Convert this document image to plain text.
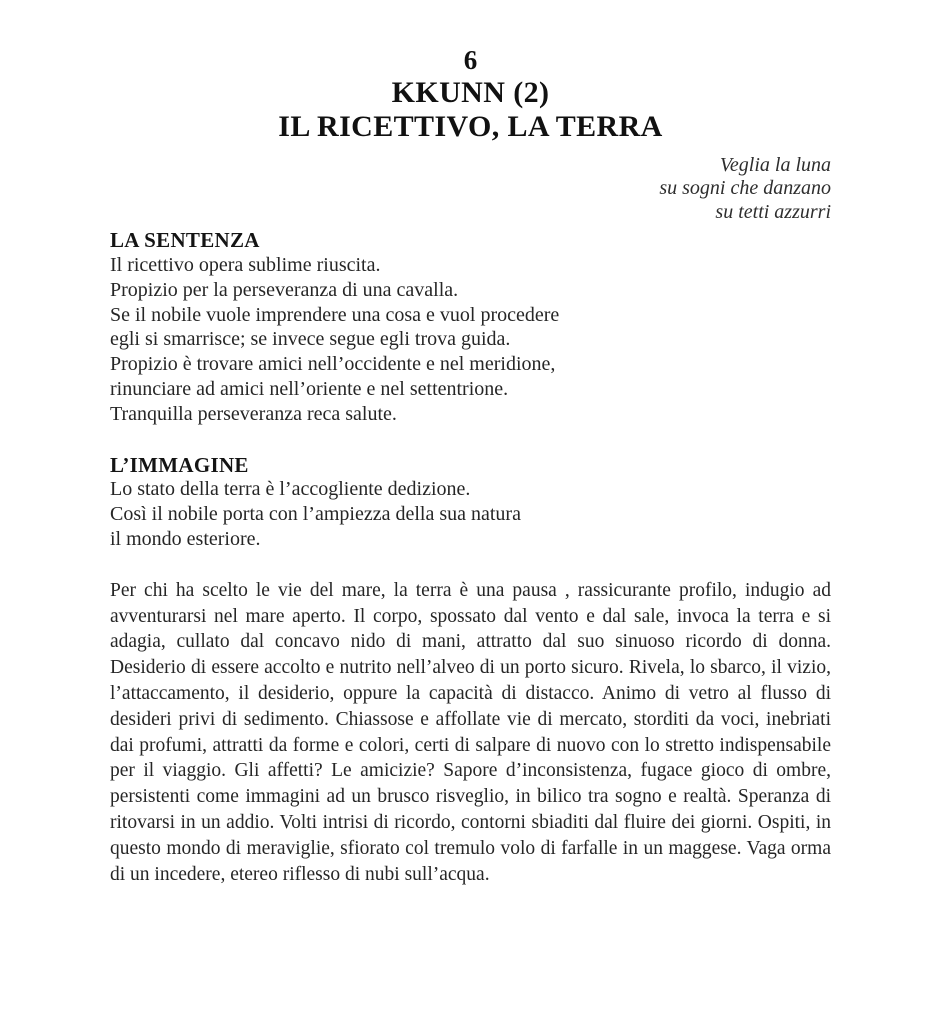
6
KKUNN (2)
IL RICETTIVO, LA TERRA
Veglia la luna
su sogni che danzano
su tetti azzurri
LA SENTENZA
Il ricettivo opera sublime riuscita.
Propizio per la perseveranza di una cavalla.
Se il nobile vuole imprendere una cosa e vuol procedere
egli si smarrisce; se invece segue egli trova guida.
Propizio è trovare amici nell’occidente e nel meridione,
rinunciare ad amici nell’oriente e nel settentrione.
Tranquilla perseveranza reca salute.
L’IMMAGINE
Lo stato della terra è l’accogliente dedizione.
Così il nobile porta con l’ampiezza della sua natura
il mondo esteriore.

Per chi ha scelto le vie del mare, la terra è una pausa , rassicurante profilo, indugio ad avventurarsi nel mare aperto. Il corpo, spossato dal vento e dal sale, invoca la terra e si adagia, cullato dal concavo nido di mani, attratto dal suo sinuoso ricordo di donna. Desiderio di essere accolto e nutrito nell’alveo di un porto sicuro. Rivela, lo sbarco, il vizio, l’attaccamento, il desiderio, oppure la capacità di distacco. Animo di vetro al flusso di desideri privi di sedimento. Chiassose e affollate vie di mercato, storditi da voci, inebriati dai profumi, attratti da forme e colori, certi di salpare di nuovo con lo stretto indispensabile per il viaggio. Gli affetti? Le amicizie? Sapore d’inconsistenza, fugace gioco di ombre, persistenti come immagini ad un brusco risveglio, in bilico tra sogno e realtà. Speranza di ritovarsi in un addio. Volti intrisi di ricordo, contorni sbiaditi dal fluire dei giorni. Ospiti, in questo mondo di meraviglie, sfiorato col tremulo volo di farfalle in un maggese. Vaga orma di un incedere, etereo riflesso di nubi sull’acqua.
